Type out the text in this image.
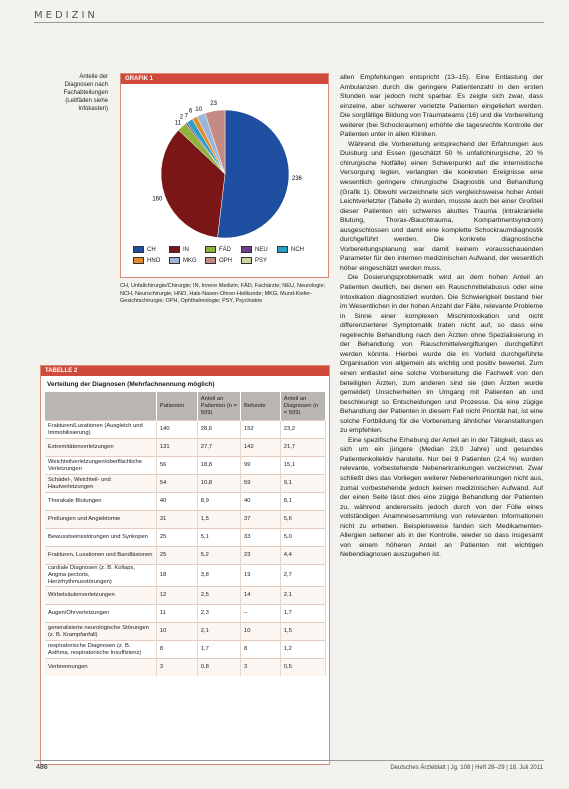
MEDIZIN
Anteile der Diagnosen nach Fachabteilungen (Leitfäden siehe Infokasten)
GRAFIK 1
236
160
11
2 7
6 10
23
CH	IN	FÄD	NEU	NCH
HNO	MKG	OPH	PSY
CH, Unfallchirurgie/Chirurgie; IN, Innere Medizin; FÄD, Fachärzte; NEU, Neurologie; NCH, Neurochirurgie; HNO, Hals-Nasen-Ohren-Heilkunde; MKG, Mund-Kiefer-Gesichtschirurgie; OPH, Ophthalmologie; PSY, Psychiatrie
TABELLE 2
Verteilung der Diagnosen (Mehrfachnennung möglich)
	Patienten	Anteil an Patienten (n = 509)	Befunde	Anteil an Diagnosen (n = 509)
Frakturen/Luxationen (Ausgleich und Immobilisierung)	140	28,6	152	23,2
Extremitätenverletzungen	131	27,7	142	21,7
Weichteilverletzungen/oberflächliche Verletzungen	56	18,8	99	15,1
Schädel-, Weichteil- und Hautverletzungen	54	10,8	59	9,1
Thorakale Blutungen	40	8,9	40	8,1
Prellungen und Angiektomie	31	1,5	37	5,6
Bewusstseinsstörungen und Synkopen	25	5,1	33	5,0
Frakturen, Luxationen und Bandläsionen	25	5,2	23	4,4
cardiale Diagnosen (z. B. Kollaps, Angina pectoris, Herzrhythmusstörungen)	18	3,8	19	2,7
Wirbelsäulenverletzungen	12	2,5	14	2,1
Augen/Ohrverletzungen	11	2,3	–	1,7
generalisierte neurologische Störungen (z. B. Krampfanfall)	10	2,1	10	1,5
respiratorische Diagnosen (z. B. Asthma, respiratorische Insuffizienz)	8	1,7	8	1,2
Verbrennungen	3	0,8	3	0,5

allen Empfehlungen entspricht (13–15). Eine Entlastung der Ambulanzen durch die geringere Patientenzahl in den ersten Stunden war jedoch nicht sparbar. Es zeigte sich zwar, dass einzelne, aber schwerer verletzte Patienten eingeliefert werden. Die sorgfältige Bildung von Traumateams (16) und die Vorbereitung weiterer (bei Schockraumen) erhöhte die tagesrechte Kontrolle der Patienten unter in allen Kliniken.

Während die Vorbereitung entsprechend der Erfahrungen aus Duisburg und Essen (geschätzt 50 % unfallchirurgische, 20 % chirurgische Notfälle) einen Schwerpunkt auf die internistische Versorgung legten, verlangten die konkreten Ereignisse eine wesentlich geringere chirurgische Diagnostik und Behandlung (Grafik 1). Obwohl verzeichnete sich vergleichsweise hoher Anteil Leichtverletzter (Tabelle 2) wurden, musste auch bei einer Großteil dieser Patienten ein schweres akuttes Trauma (intrakranielle Blutung, Thorax-/Bauchtrauma, Kompartmentsyndrom) ausgeschlossen und damit eine komplette Schockraumdiagnostik durchgeführt werden. Die konkrete diagnostische Vorbereitungsplanung war damit keinem vorausschauenden Parameter für den internen medizinischen Aufwand, der wesentlich höher eingeschätzt werden muss.

Die Dosierungsproblematik wird an dem hohen Anteil an Patienten deutlich, bei denen ein Rauschmittelabusus oder eine Intoxikation diagnostiziert wurden. Die Schwierigkeit bestand hier im Wesentlichen in der hohen Anzahl der Fälle, relevante Probleme in Sinne einer komplexen Mischintoxikation und nicht differenzierterer Symptomatik traten nicht auf, so dass eine regelrechte Behandlung nach den Ärzten ohne Spezialisierung in der Behandlung von Rauschmittelvergiftungen durchgeführt werden könnte. Hierbei wurde die im Vorfeld durchgeführte Organisation von allgemein als wichtig und positiv bewertet. Zum einen entlastet eine solche Vorbereitung die Fachwelt von den beteiligten Ärzten, zum anderen sind sie (den Ärzten wurde gemeldet) Unsicherheiten im Umgang mit Patienten ab und beschleunigt so Entscheidungen und Prozesse. Da eine zügige Behandlung der Patienten in diesem Fall nicht Priorität hat, ist eine solche Fortbildung für die Vorbereitung ähnlicher Veranstaltungen zu empfehlen.

Eine spezifische Erhebung der Anteil an in der Tätigkeit, dass es sich um ein jüngere (Median 23,0 Jahre) und gesundes Patientenkollektiv handelte. Nur bei 9 Patienten (2,4 %) wurden relevante, vorbestehende Nebenerkrankungen verzeichnet. Zwar schließt dies das Vorliegen weiterer Nebenerkrankungen nicht aus, zumal vorbestehende jedoch keinen medizinischen Aufwand. Auf der einen Seite lässt dies eine zügige Behandlung der Patienten zu, während andererseits jedoch durch von der Fülle eines vollständigen Anamnesesammlung von relevanten Informationen nicht zu erheben. Beispielsweise fanden sich Medikamenten-Allergien seltener als in der Kontrolle, wieder so dass insgesamt von einem höheren Anteil an Patienten mit wichtigen Nebendiagnosen auszugehen ist.

486	Deutsches Ärzteblatt | Jg. 108 | Heft 28–29 | 18. Juli 2011
